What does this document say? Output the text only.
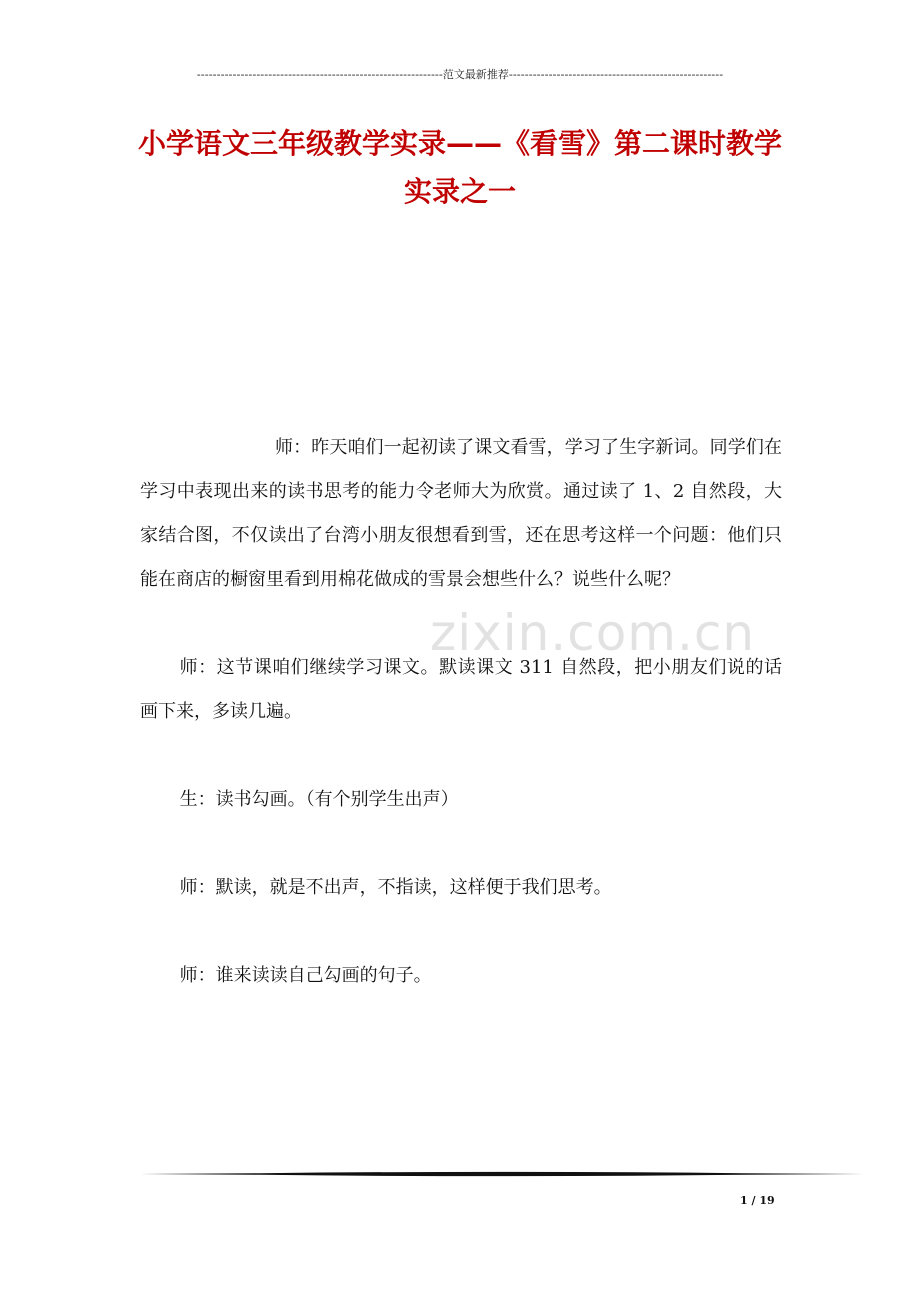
--------------------------------------------------------------范文最新推荐------------------------------------------------------
小学语文三年级教学实录——《看雪》第二课时教学
实录之一

师：昨天咱们一起初读了课文看雪，学习了生字新词。同学们在学习中表现出来的读书思考的能力令老师大为欣赏。通过读了 1、2 自然段，大家结合图，不仅读出了台湾小朋友很想看到雪，还在思考这样一个问题：他们只能在商店的橱窗里看到用棉花做成的雪景会想些什么？说些什么呢？

师：这节课咱们继续学习课文。默读课文 311 自然段，把小朋友们说的话画下来，多读几遍。

生：读书勾画。（有个别学生出声）

师：默读，就是不出声，不指读，这样便于我们思考。

师：谁来读读自己勾画的句子。

zixin.com.cn
1 / 19
